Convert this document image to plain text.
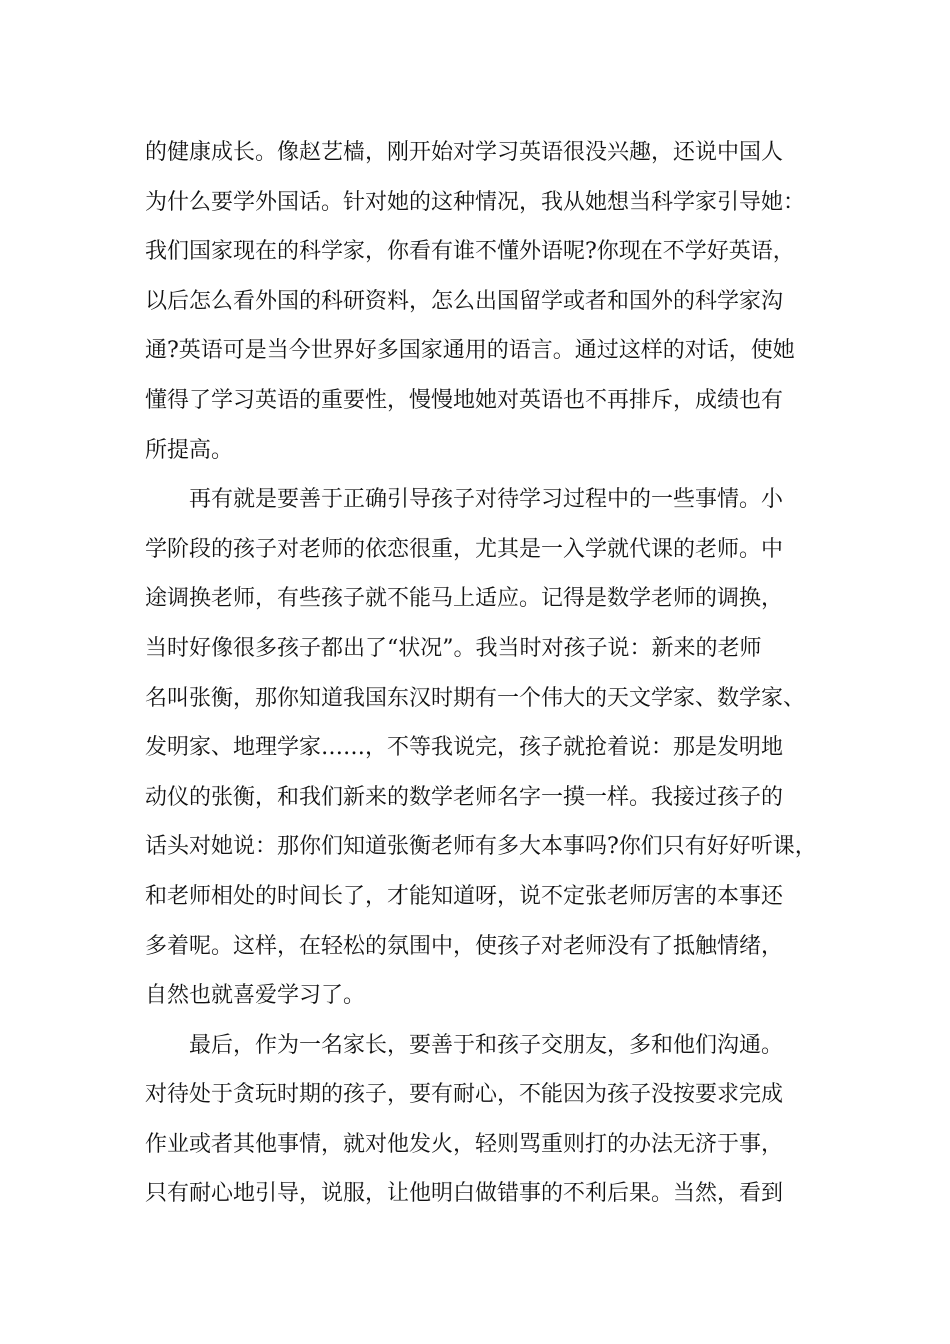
的健康成长。像赵艺樯，刚开始对学习英语很没兴趣，还说中国人
为什么要学外国话。针对她的这种情况，我从她想当科学家引导她：
我们国家现在的科学家，你看有谁不懂外语呢?你现在不学好英语，
以后怎么看外国的科研资料，怎么出国留学或者和国外的科学家沟
通?英语可是当今世界好多国家通用的语言。通过这样的对话，使她
懂得了学习英语的重要性，慢慢地她对英语也不再排斥，成绩也有
所提高。
再有就是要善于正确引导孩子对待学习过程中的一些事情。小
学阶段的孩子对老师的依恋很重，尤其是一入学就代课的老师。中
途调换老师，有些孩子就不能马上适应。记得是数学老师的调换，
当时好像很多孩子都出了“状况”。我当时对孩子说：新来的老师
名叫张衡，那你知道我国东汉时期有一个伟大的天文学家、数学家、
发明家、地理学家……，不等我说完，孩子就抢着说：那是发明地
动仪的张衡，和我们新来的数学老师名字一摸一样。我接过孩子的
话头对她说：那你们知道张衡老师有多大本事吗?你们只有好好听课，
和老师相处的时间长了，才能知道呀，说不定张老师厉害的本事还
多着呢。这样，在轻松的氛围中，使孩子对老师没有了抵触情绪，
自然也就喜爱学习了。
最后，作为一名家长，要善于和孩子交朋友，多和他们沟通。
对待处于贪玩时期的孩子，要有耐心，不能因为孩子没按要求完成
作业或者其他事情，就对他发火，轻则骂重则打的办法无济于事，
只有耐心地引导，说服，让他明白做错事的不利后果。当然，看到
